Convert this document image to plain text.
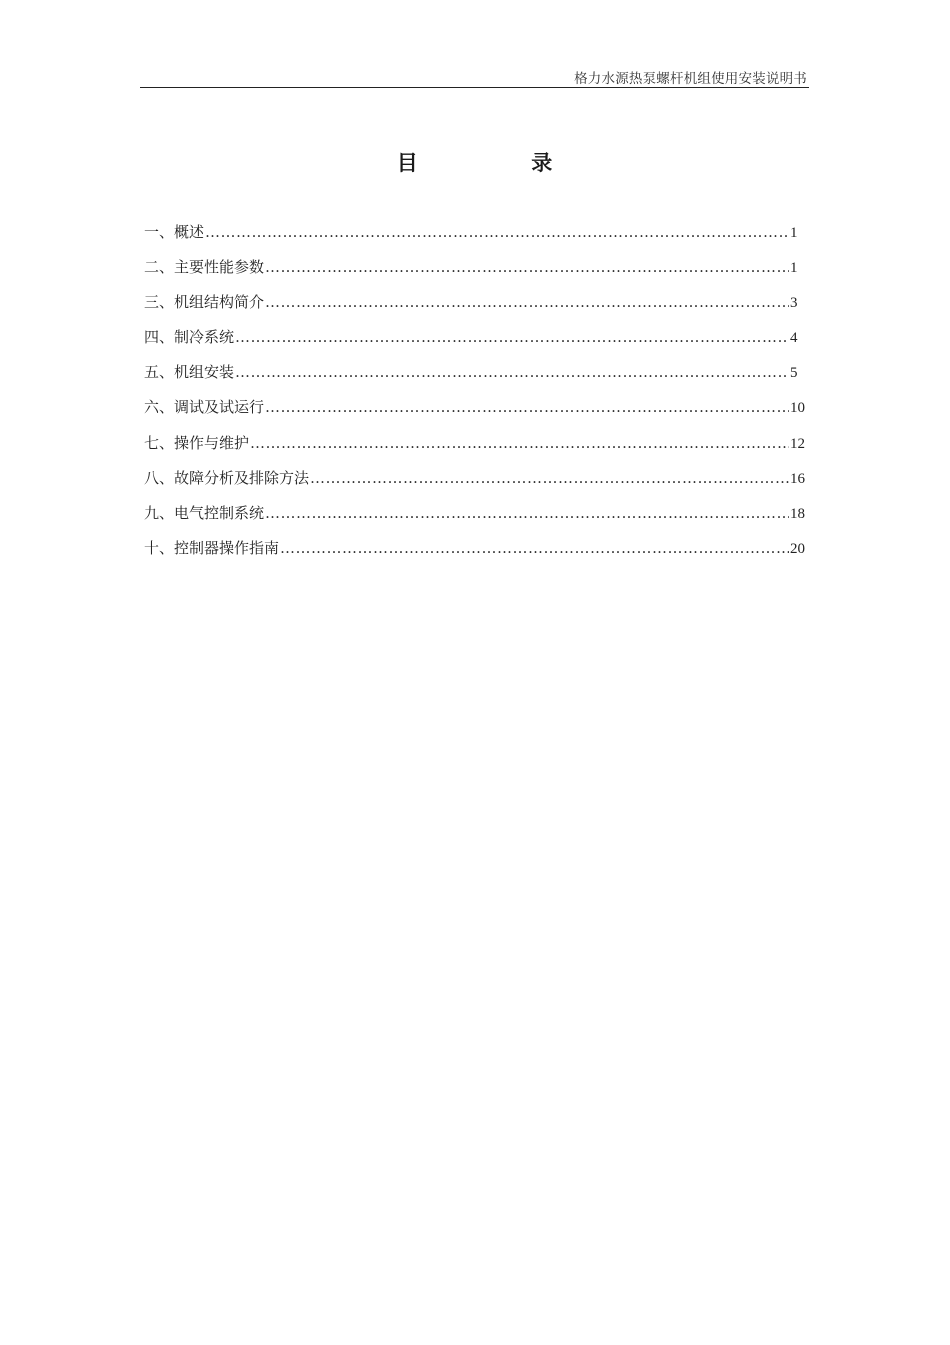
格力水源热泵螺杆机组使用安装说明书
目  录
一、 概述 ……………………………………………………………………………………………………………………………………………………………………………………………………………………………………………………	1
二、 主要性能参数 ……………………………………………………………………………………………………………………………………………………………………………………………………………………………………………………	1
三、 机组结构简介 ……………………………………………………………………………………………………………………………………………………………………………………………………………………………………………………	3
四、 制冷系统 ……………………………………………………………………………………………………………………………………………………………………………………………………………………………………………………	4
五、 机组安装 ……………………………………………………………………………………………………………………………………………………………………………………………………………………………………………………	5
六、 调试及试运行 ……………………………………………………………………………………………………………………………………………………………………………………………………………………………………………………	10
七、 操作与维护 ……………………………………………………………………………………………………………………………………………………………………………………………………………………………………………………	12
八、 故障分析及排除方法 ……………………………………………………………………………………………………………………………………………………………………………………………………………………………………………………	16
九、 电气控制系统 ……………………………………………………………………………………………………………………………………………………………………………………………………………………………………………………	18
十、 控制器操作指南 ……………………………………………………………………………………………………………………………………………………………………………………………………………………………………………………	20
